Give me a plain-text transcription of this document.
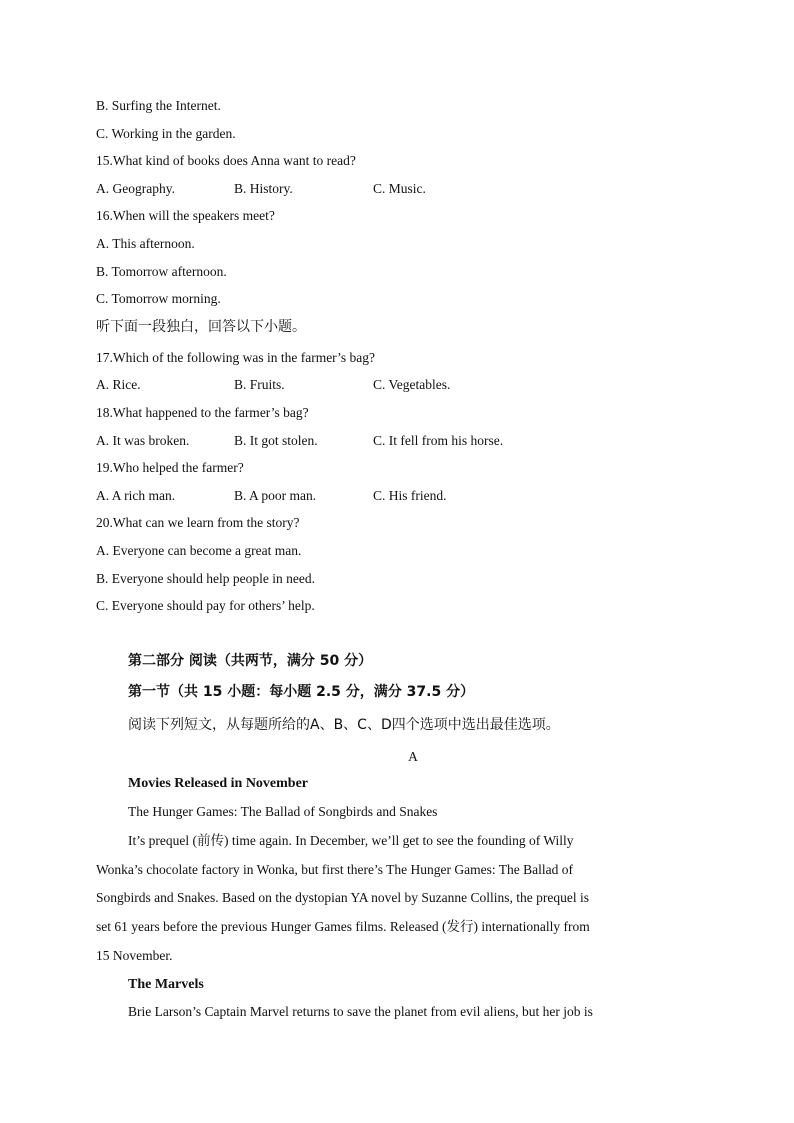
B. Surfing the Internet.
C. Working in the garden.
15.What kind of books does Anna want to read?
A. Geography.	B. History.	C. Music.
16.When will the speakers meet?
A. This afternoon.
B. Tomorrow afternoon.
C. Tomorrow morning.
听下面一段独白，回答以下小题。
17.Which of the following was in the farmer’s bag?
A. Rice.	B. Fruits.	C. Vegetables.
18.What happened to the farmer’s bag?
A. It was broken.	B. It got stolen.	C. It fell from his horse.
19.Who helped the farmer?
A. A rich man.	B. A poor man.	C. His friend.
20.What can we learn from the story?
A. Everyone can become a great man.
B. Everyone should help people in need.
C. Everyone should pay for others’ help.
第二部分 阅读（共两节，满分 50 分）
第一节（共 15 小题：每小题 2.5 分，满分 37.5 分）
阅读下列短文，从每题所给的A、B、C、D四个选项中选出最佳选项。
A
Movies Released in November
The Hunger Games: The Ballad of Songbirds and Snakes
It’s prequel (前传) time again. In December, we’ll get to see the founding of Willy
Wonka’s chocolate factory in Wonka, but first there’s The Hunger Games: The Ballad of
Songbirds and Snakes. Based on the dystopian YA novel by Suzanne Collins, the prequel is
set 61 years before the previous Hunger Games films. Released (发行) internationally from
15 November.
The Marvels
Brie Larson’s Captain Marvel returns to save the planet from evil aliens, but her job is
